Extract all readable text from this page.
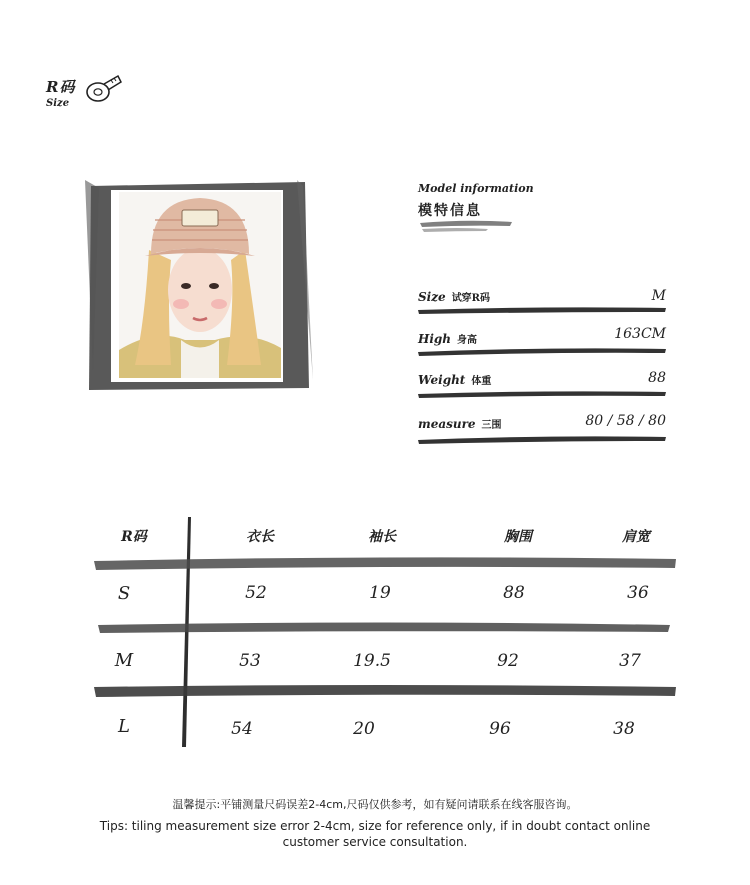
R码
Size
Model information
模特信息
Size 试穿R码	M
High 身高	163CM
Weight 体重	88
measure 三围	80 / 58 / 80
R码	衣长	袖长	胸围	肩宽
S	52	19	88	36
M	53	19.5	92	37
L	54	20	96	38
温馨提示:平铺测量尺码误差2-4cm,尺码仅供参考，如有疑问请联系在线客服咨询。
Tips: tiling measurement size error 2-4cm, size for reference only, if in doubt contact online customer service consultation.
